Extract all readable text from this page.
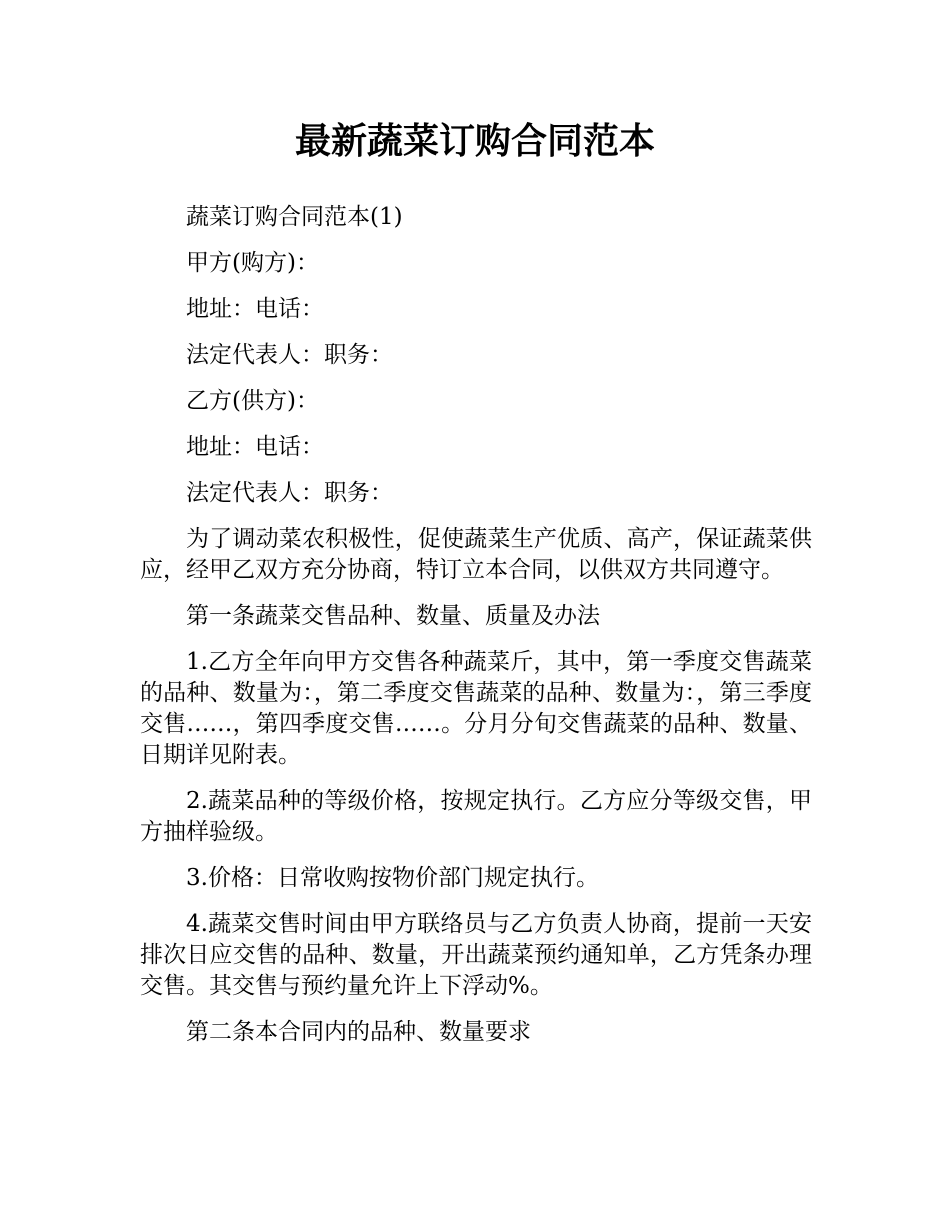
最新蔬菜订购合同范本

蔬菜订购合同范本(1)

甲方(购方)：

地址：电话：

法定代表人：职务：

乙方(供方)：

地址：电话：

法定代表人：职务：

为了调动菜农积极性，促使蔬菜生产优质、高产，保证蔬菜供应，经甲乙双方充分协商，特订立本合同，以供双方共同遵守。

第一条蔬菜交售品种、数量、质量及办法

1.乙方全年向甲方交售各种蔬菜斤，其中，第一季度交售蔬菜的品种、数量为：，第二季度交售蔬菜的品种、数量为：，第三季度交售……，第四季度交售……。分月分旬交售蔬菜的品种、数量、日期详见附表。

2.蔬菜品种的等级价格，按规定执行。乙方应分等级交售，甲方抽样验级。

3.价格：日常收购按物价部门规定执行。

4.蔬菜交售时间由甲方联络员与乙方负责人协商，提前一天安排次日应交售的品种、数量，开出蔬菜预约通知单，乙方凭条办理交售。其交售与预约量允许上下浮动%。

第二条本合同内的品种、数量要求
